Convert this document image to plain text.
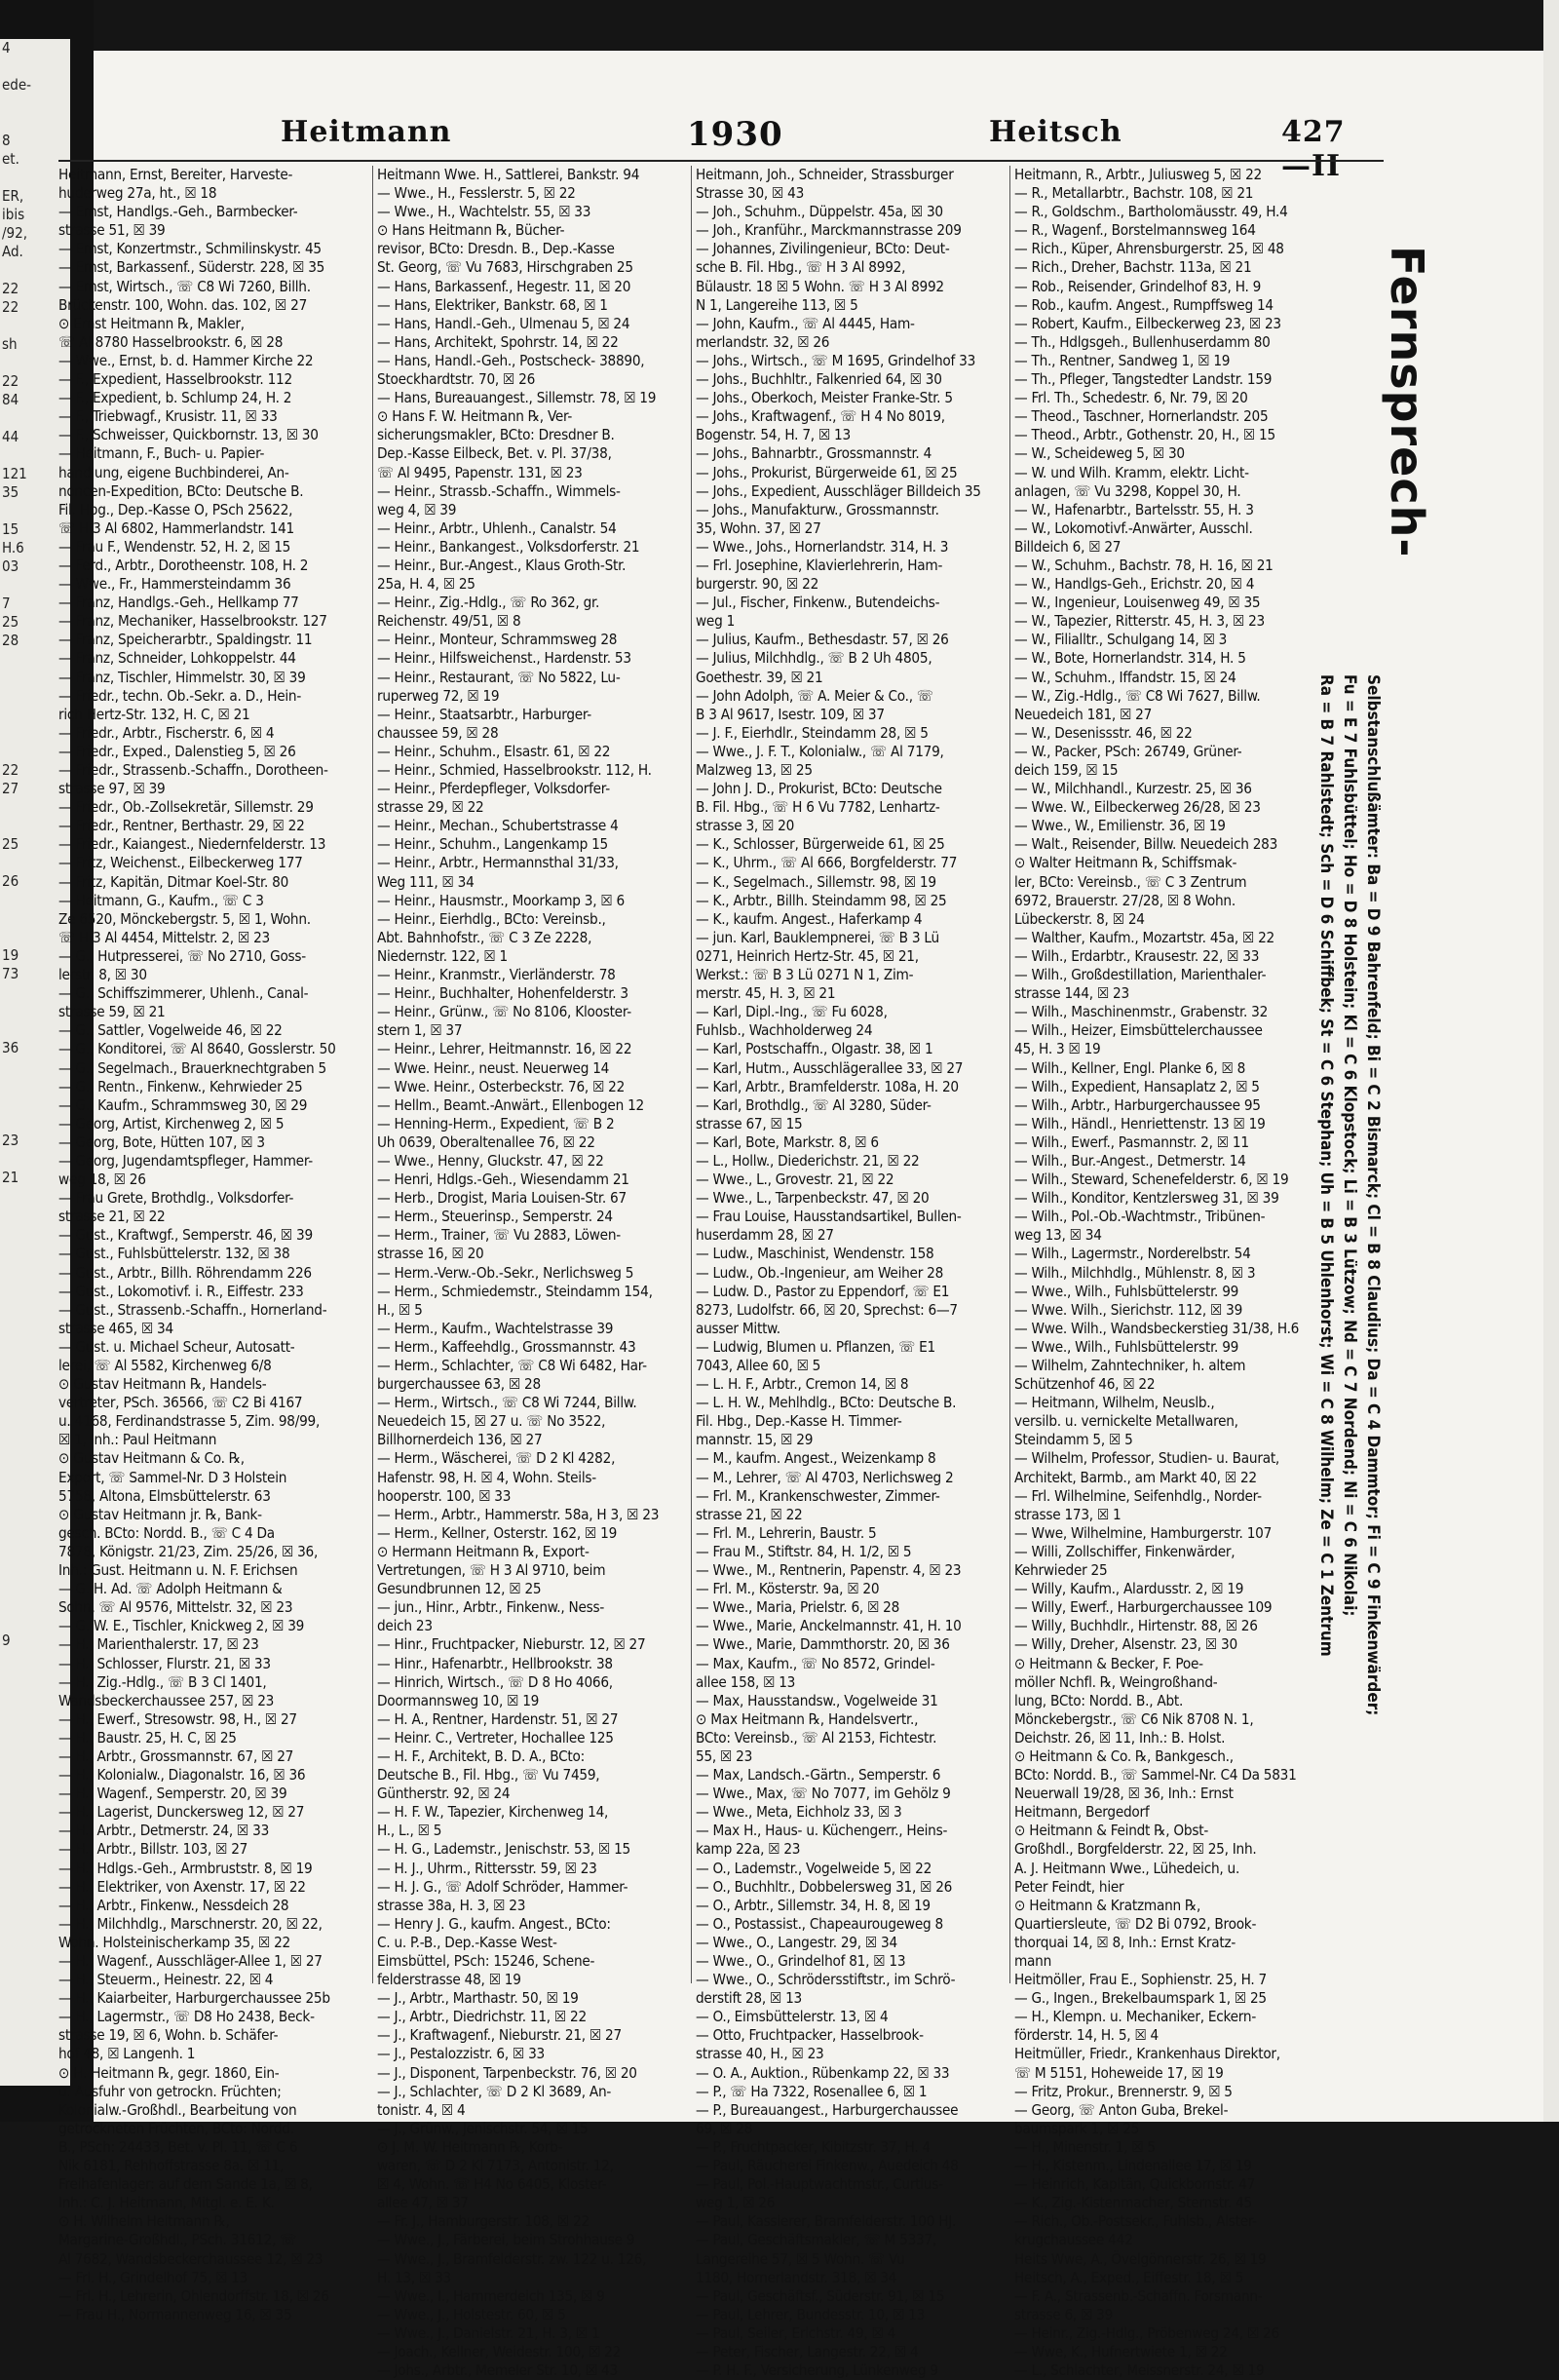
4

ede-

8
et.

ER,
ibis
/92,
Ad.

22
22

sh

22
84

44

121
35

15
H.6
03

7
25
28

22
27

25

26

19
73

36

23

21

9

Heitmann	1930	Heitsch	427—II
Heitmann, Ernst, Bereiter, Harveste-
huderweg 27a, ht., ☒ 18
— Ernst, Handlgs.-Geh., Barmbecker-
strasse 51, ☒ 39
— Ernst, Konzertmstr., Schmilinskystr. 45
— Ernst, Barkassenf., Süderstr. 228, ☒ 35
— Ernst, Wirtsch., ☏ C8 Wi 7260, Billh.
Brückenstr. 100, Wohn. das. 102, ☒ 27
⊙ Ernst Heitmann ℞, Makler,
☏ Al 8780 Hasselbrookstr. 6, ☒ 28
— Wwe., Ernst, b. d. Hammer Kirche 22
— F., Expedient, Hasselbrookstr. 112
— F., Expedient, b. Schlump 24, H. 2
— F., Triebwagf., Krusistr. 11, ☒ 33
— F., Schweisser, Quickbornstr. 13, ☒ 30
— Heitmann, F., Buch- u. Papier-
handlung, eigene Buchbinderei, An-
noncen-Expedition, BCto: Deutsche B.
Fil. Hbg., Dep.-Kasse O, PSch 25622,
☏ H 3 Al 6802, Hammerlandstr. 141
— Frau F., Wendenstr. 52, H. 2, ☒ 15
— Ferd., Arbtr., Dorotheenstr. 108, H. 2
— Wwe., Fr., Hammersteindamm 36
— Franz, Handlgs.-Geh., Hellkamp 77
— Franz, Mechaniker, Hasselbrookstr. 127
— Franz, Speicherarbtr., Spaldingstr. 11
— Franz, Schneider, Lohkoppelstr. 44
— Franz, Tischler, Himmelstr. 30, ☒ 39
— Friedr., techn. Ob.-Sekr. a. D., Hein-
rich Hertz-Str. 132, H. C, ☒ 21
— Friedr., Arbtr., Fischerstr. 6, ☒ 4
— Friedr., Exped., Dalenstieg 5, ☒ 26
— Friedr., Strassenb.-Schaffn., Dorotheen-
strasse 97, ☒ 39
— Friedr., Ob.-Zollsekretär, Sillemstr. 29
— Friedr., Rentner, Berthastr. 29, ☒ 22
— Friedr., Kaiangest., Niedernfelderstr. 13
— Fritz, Weichenst., Eilbeckerweg 177
— Fritz, Kapitän, Ditmar Koel-Str. 80
— Heitmann, G., Kaufm., ☏ C 3
Ze 6520, Mönckebergstr. 5, ☒ 1, Wohn.
☏ H 3 Al 4454, Mittelstr. 2, ☒ 23
— G., Hutpresserei, ☏ No 2710, Goss-
lerstr. 8, ☒ 30
— G., Schiffszimmerer, Uhlenh., Canal-
strasse 59, ☒ 21
— G., Sattler, Vogelweide 46, ☒ 22
— G., Konditorei, ☏ Al 8640, Gosslerstr. 50
— G., Segelmach., Brauerknechtgraben 5
— G., Rentn., Finkenw., Kehrwieder 25
— G., Kaufm., Schrammsweg 30, ☒ 29
— Georg, Artist, Kirchenweg 2, ☒ 5
— Georg, Bote, Hütten 107, ☒ 3
— Georg, Jugendamtspfleger, Hammer-
weg 18, ☒ 26
— Frau Grete, Brothdlg., Volksdorfer-
strasse 21, ☒ 22
— Gust., Kraftwgf., Semperstr. 46, ☒ 39
— Gust., Fuhlsbüttelerstr. 132, ☒ 38
— Gust., Arbtr., Billh. Röhrendamm 226
— Gust., Lokomotivf. i. R., Eiffestr. 233
— Gust., Strassenb.-Schaffn., Hornerland-
strasse 465, ☒ 34
— Gust. u. Michael Scheur, Autosatt-
lerei, ☏ Al 5582, Kirchenweg 6/8
⊙ Gustav Heitmann ℞, Handels-
vertreter, PSch. 36566, ☏ C2 Bi 4167
u. 4168, Ferdinandstrasse 5, Zim. 98/99,
☒ 1, Inh.: Paul Heitmann
⊙ Gustav Heitmann & Co. ℞,
Export, ☏ Sammel-Nr. D 3 Holstein
5758, Altona, Elmsbüttelerstr. 63
⊙ Gustav Heitmann jr. ℞, Bank-
gesch. BCto: Nordd. B., ☏ C 4 Da
7878, Königstr. 21/23, Zim. 25/26, ☒ 36,
Inh.: Gust. Heitmann u. N. F. Erichsen
— G. H. Ad. ☏ Adolph Heitmann &
Sohn, ☏ Al 9576, Mittelstr. 32, ☒ 23
— G. W. E., Tischler, Knickweg 2, ☒ 39
— H., Marienthalerstr. 17, ☒ 23
— H., Schlosser, Flurstr. 21, ☒ 33
— H., Zig.-Hdlg., ☏ B 3 Cl 1401,
Wandsbeckerchaussee 257, ☒ 23
— H., Ewerf., Stresowstr. 98, H., ☒ 27
— H., Baustr. 25, H. C, ☒ 25
— H., Arbtr., Grossmannstr. 67, ☒ 27
— H., Kolonialw., Diagonalstr. 16, ☒ 36
— H., Wagenf., Semperstr. 20, ☒ 39
— H., Lagerist, Dunckersweg 12, ☒ 27
— H., Arbtr., Detmerstr. 24, ☒ 33
— H., Arbtr., Billstr. 103, ☒ 27
— H., Hdlgs.-Geh., Armbruststr. 8, ☒ 19
— H., Elektriker, von Axenstr. 17, ☒ 22
— H., Arbtr., Finkenw., Nessdeich 28
— H., Milchhdlg., Marschnerstr. 20, ☒ 22,
Wohn. Holsteinischerkamp 35, ☒ 22
— H., Wagenf., Ausschläger-Allee 1, ☒ 27
— H., Steuerm., Heinestr. 22, ☒ 4
— H., Kaiarbeiter, Harburgerchaussee 25b
— H., Lagermstr., ☏ D8 Ho 2438, Beck-
strasse 19, ☒ 6, Wohn. b. Schäfer-
hof 48, ☒ Langenh. 1
⊙ H. Heitmann ℞, gegr. 1860, Ein-
u. Ausfuhr von getrockn. Früchten;
Kolonialw.-Großhdl., Bearbeitung von
getrockneten Früchten, BCto: Nordd.
B., PSch: 24433, Bet. v. Pl. 11, ☏ C 6
Nik 6181, Rehhoffstrasse 8a. ☒ 11,
Freihafenlager: auf dem Sande 1a, ☒ 8,
Inh.: C. J. Heitmann, Mitgl. e. E. K.
⊙ H. Wilhelm Heitmann ℞,
Margarine-Großhdl., PSch. 31612, ☏
Al 7682, Wandsbeckerchaussee 12, ☒ 23
— Frl. H., Grindelhof 75, ☒ 13
— Frl. H., Lehrerin, Ohlendorffstr. 18, ☒ 26
— Frau H., Normannenweg 16, ☒ 35
Heitmann Wwe. H., Sattlerei, Bankstr. 94
— Wwe., H., Fesslerstr. 5, ☒ 22
— Wwe., H., Wachtelstr. 55, ☒ 33
⊙ Hans Heitmann ℞, Bücher-
revisor, BCto: Dresdn. B., Dep.-Kasse
St. Georg, ☏ Vu 7683, Hirschgraben 25
— Hans, Barkassenf., Hegestr. 11, ☒ 20
— Hans, Elektriker, Bankstr. 68, ☒ 1
— Hans, Handl.-Geh., Ulmenau 5, ☒ 24
— Hans, Architekt, Spohrstr. 14, ☒ 22
— Hans, Handl.-Geh., Postscheck- 38890,
Stoeckhardtstr. 70, ☒ 26
— Hans, Bureauangest., Sillemstr. 78, ☒ 19
⊙ Hans F. W. Heitmann ℞, Ver-
sicherungsmakler, BCto: Dresdner B.
Dep.-Kasse Eilbeck, Bet. v. Pl. 37/38,
☏ Al 9495, Papenstr. 131, ☒ 23
— Heinr., Strassb.-Schaffn., Wimmels-
weg 4, ☒ 39
— Heinr., Arbtr., Uhlenh., Canalstr. 54
— Heinr., Bankangest., Volksdorferstr. 21
— Heinr., Bur.-Angest., Klaus Groth-Str.
25a, H. 4, ☒ 25
— Heinr., Zig.-Hdlg., ☏ Ro 362, gr.
Reichenstr. 49/51, ☒ 8
— Heinr., Monteur, Schrammsweg 28
— Heinr., Hilfsweichenst., Hardenstr. 53
— Heinr., Restaurant, ☏ No 5822, Lu-
ruperweg 72, ☒ 19
— Heinr., Staatsarbtr., Harburger-
chaussee 59, ☒ 28
— Heinr., Schuhm., Elsastr. 61, ☒ 22
— Heinr., Schmied, Hasselbrookstr. 112, H.
— Heinr., Pferdepfleger, Volksdorfer-
strasse 29, ☒ 22
— Heinr., Mechan., Schubertstrasse 4
— Heinr., Schuhm., Langenkamp 15
— Heinr., Arbtr., Hermannsthal 31/33,
Weg 111, ☒ 34
— Heinr., Hausmstr., Moorkamp 3, ☒ 6
— Heinr., Eierhdlg., BCto: Vereinsb.,
Abt. Bahnhofstr., ☏ C 3 Ze 2228,
Niedernstr. 122, ☒ 1
— Heinr., Kranmstr., Vierländerstr. 78
— Heinr., Buchhalter, Hohenfelderstr. 3
— Heinr., Grünw., ☏ No 8106, Klooster-
stern 1, ☒ 37
— Heinr., Lehrer, Heitmannstr. 16, ☒ 22
— Wwe. Heinr., neust. Neuerweg 14
— Wwe. Heinr., Osterbeckstr. 76, ☒ 22
— Hellm., Beamt.-Anwärt., Ellenbogen 12
— Henning-Herm., Expedient, ☏ B 2
Uh 0639, Oberaltenallee 76, ☒ 22
— Wwe., Henny, Gluckstr. 47, ☒ 22
— Henri, Hdlgs.-Geh., Wiesendamm 21
— Herb., Drogist, Maria Louisen-Str. 67
— Herm., Steuerinsp., Semperstr. 24
— Herm., Trainer, ☏ Vu 2883, Löwen-
strasse 16, ☒ 20
— Herm.-Verw.-Ob.-Sekr., Nerlichsweg 5
— Herm., Schmiedemstr., Steindamm 154,
H., ☒ 5
— Herm., Kaufm., Wachtelstrasse 39
— Herm., Kaffeehdlg., Grossmannstr. 43
— Herm., Schlachter, ☏ C8 Wi 6482, Har-
burgerchaussee 63, ☒ 28
— Herm., Wirtsch., ☏ C8 Wi 7244, Billw.
Neuedeich 15, ☒ 27 u. ☏ No 3522,
Billhornerdeich 136, ☒ 27
— Herm., Wäscherei, ☏ D 2 Kl 4282,
Hafenstr. 98, H. ☒ 4, Wohn. Steils-
hooperstr. 100, ☒ 33
— Herm., Arbtr., Hammerstr. 58a, H 3, ☒ 23
— Herm., Kellner, Osterstr. 162, ☒ 19
⊙ Hermann Heitmann ℞, Export-
Vertretungen, ☏ H 3 Al 9710, beim
Gesundbrunnen 12, ☒ 25
— jun., Hinr., Arbtr., Finkenw., Ness-
deich 23
— Hinr., Fruchtpacker, Nieburstr. 12, ☒ 27
— Hinr., Hafenarbtr., Hellbrookstr. 38
— Hinrich, Wirtsch., ☏ D 8 Ho 4066,
Doormannsweg 10, ☒ 19
— H. A., Rentner, Hardenstr. 51, ☒ 27
— Heinr. C., Vertreter, Hochallee 125
— H. F., Architekt, B. D. A., BCto:
Deutsche B., Fil. Hbg., ☏ Vu 7459,
Güntherstr. 92, ☒ 24
— H. F. W., Tapezier, Kirchenweg 14,
H., L., ☒ 5
— H. G., Lademstr., Jenischstr. 53, ☒ 15
— H. J., Uhrm., Rittersstr. 59, ☒ 23
— H. J. G., ☏ Adolf Schröder, Hammer-
strasse 38a, H. 3, ☒ 23
— Henry J. G., kaufm. Angest., BCto:
C. u. P.-B., Dep.-Kasse West-
Eimsbüttel, PSch: 15246, Schene-
felderstrasse 48, ☒ 19
— J., Arbtr., Marthastr. 50, ☒ 19
— J., Arbtr., Diedrichstr. 11, ☒ 22
— J., Kraftwagenf., Nieburstr. 21, ☒ 27
— J., Pestalozzistr. 6, ☒ 33
— J., Disponent, Tarpenbeckstr. 76, ☒ 20
— J., Schlachter, ☏ D 2 Kl 3689, An-
tonistr. 4, ☒ 4
— J., Grünw., Jenischstr. 54, ☒ 15
⊙ J. M. W. Heitmann ℞, Korb-
waren, ☏ D 2 Kl 7173, Antonistr. 12,
☒ 4, Wohn. ☏ H4 No 6405, Kloster-
allee 47, ☒ 37
— Fr. J., Hamburgerstr. 108, ☒ 22
— Wwe., J., Färberei, beim Strohhause 9
— Wwe., J., Bramfelderstr. zw. 122 u. 126,
H. 13, ☒ 33
— Wwe., I., Hammerdeich 135, ☒ 9
— Wwe., J., Holstestr. 60, ☒ 5
— Wwe., J., Danielstr. 21, H. 3, ☒ 1
— Joach., Kellner, Weidestr. 100, ☒ 22
— Johs., Arbtr., Memeler Str. 10, ☒ 43
Heitmann, Joh., Schneider, Strassburger
Strasse 30, ☒ 43
— Joh., Schuhm., Düppelstr. 45a, ☒ 30
— Joh., Kranführ., Marckmannstrasse 209
— Johannes, Zivilingenieur, BCto: Deut-
sche B. Fil. Hbg., ☏ H 3 Al 8992,
Bülaustr. 18 ☒ 5 Wohn. ☏ H 3 Al 8992
N 1, Langereihe 113, ☒ 5
— John, Kaufm., ☏ Al 4445, Ham-
merlandstr. 32, ☒ 26
— Johs., Wirtsch., ☏ M 1695, Grindelhof 33
— Johs., Buchhltr., Falkenried 64, ☒ 30
— Johs., Oberkoch, Meister Franke-Str. 5
— Johs., Kraftwagenf., ☏ H 4 No 8019,
Bogenstr. 54, H. 7, ☒ 13
— Johs., Bahnarbtr., Grossmannstr. 4
— Johs., Prokurist, Bürgerweide 61, ☒ 25
— Johs., Expedient, Ausschläger Billdeich 35
— Johs., Manufakturw., Grossmannstr.
35, Wohn. 37, ☒ 27
— Wwe., Johs., Hornerlandstr. 314, H. 3
— Frl. Josephine, Klavierlehrerin, Ham-
burgerstr. 90, ☒ 22
— Jul., Fischer, Finkenw., Butendeichs-
weg 1
— Julius, Kaufm., Bethesdastr. 57, ☒ 26
— Julius, Milchhdlg., ☏ B 2 Uh 4805,
Goethestr. 39, ☒ 21
— John Adolph, ☏ A. Meier & Co., ☏
B 3 Al 9617, Isestr. 109, ☒ 37
— J. F., Eierhdlr., Steindamm 28, ☒ 5
— Wwe., J. F. T., Kolonialw., ☏ Al 7179,
Malzweg 13, ☒ 25
— John J. D., Prokurist, BCto: Deutsche
B. Fil. Hbg., ☏ H 6 Vu 7782, Lenhartz-
strasse 3, ☒ 20
— K., Schlosser, Bürgerweide 61, ☒ 25
— K., Uhrm., ☏ Al 666, Borgfelderstr. 77
— K., Segelmach., Sillemstr. 98, ☒ 19
— K., Arbtr., Billh. Steindamm 98, ☒ 25
— K., kaufm. Angest., Haferkamp 4
— jun. Karl, Bauklempnerei, ☏ B 3 Lü
0271, Heinrich Hertz-Str. 45, ☒ 21,
Werkst.: ☏ B 3 Lü 0271 N 1, Zim-
merstr. 45, H. 3, ☒ 21
— Karl, Dipl.-Ing., ☏ Fu 6028,
Fuhlsb., Wachholderweg 24
— Karl, Postschaffn., Olgastr. 38, ☒ 1
— Karl, Hutm., Ausschlägerallee 33, ☒ 27
— Karl, Arbtr., Bramfelderstr. 108a, H. 20
— Karl, Brothdlg., ☏ Al 3280, Süder-
strasse 67, ☒ 15
— Karl, Bote, Markstr. 8, ☒ 6
— L., Hollw., Diederichstr. 21, ☒ 22
— Wwe., L., Grovestr. 21, ☒ 22
— Wwe., L., Tarpenbeckstr. 47, ☒ 20
— Frau Louise, Hausstandsartikel, Bullen-
huserdamm 28, ☒ 27
— Ludw., Maschinist, Wendenstr. 158
— Ludw., Ob.-Ingenieur, am Weiher 28
— Ludw. D., Pastor zu Eppendorf, ☏ E1
8273, Ludolfstr. 66, ☒ 20, Sprechst: 6—7
ausser Mittw.
— Ludwig, Blumen u. Pflanzen, ☏ E1
7043, Allee 60, ☒ 5
— L. H. F., Arbtr., Cremon 14, ☒ 8
— L. H. W., Mehlhdlg., BCto: Deutsche B.
Fil. Hbg., Dep.-Kasse H. Timmer-
mannstr. 15, ☒ 29
— M., kaufm. Angest., Weizenkamp 8
— M., Lehrer, ☏ Al 4703, Nerlichsweg 2
— Frl. M., Krankenschwester, Zimmer-
strasse 21, ☒ 22
— Frl. M., Lehrerin, Baustr. 5
— Frau M., Stiftstr. 84, H. 1/2, ☒ 5
— Wwe., M., Rentnerin, Papenstr. 4, ☒ 23
— Frl. M., Kösterstr. 9a, ☒ 20
— Wwe., Maria, Prielstr. 6, ☒ 28
— Wwe., Marie, Anckelmannstr. 41, H. 10
— Wwe., Marie, Dammthorstr. 20, ☒ 36
— Max, Kaufm., ☏ No 8572, Grindel-
allee 158, ☒ 13
— Max, Hausstandsw., Vogelweide 31
⊙ Max Heitmann ℞, Handelsvertr.,
BCto: Vereinsb., ☏ Al 2153, Fichtestr.
55, ☒ 23
— Max, Landsch.-Gärtn., Semperstr. 6
— Wwe., Max, ☏ No 7077, im Gehölz 9
— Wwe., Meta, Eichholz 33, ☒ 3
— Max H., Haus- u. Küchengerr., Heins-
kamp 22a, ☒ 23
— O., Lademstr., Vogelweide 5, ☒ 22
— O., Buchhltr., Dobbelersweg 31, ☒ 26
— O., Arbtr., Sillemstr. 34, H. 8, ☒ 19
— O., Postassist., Chapeaurougeweg 8
— Wwe., O., Langestr. 29, ☒ 34
— Wwe., O., Grindelhof 81, ☒ 13
— Wwe., O., Schrödersstiftstr., im Schrö-
derstift 28, ☒ 13
— O., Eimsbüttelerstr. 13, ☒ 4
— Otto, Fruchtpacker, Hasselbrook-
strasse 40, H., ☒ 23
— O. A., Auktion., Rübenkamp 22, ☒ 33
— P., ☏ Ha 7322, Rosenallee 6, ☒ 1
— P., Bureauangest., Harburgerchaussee
69, ☒ 28
— P., Fruchtpacker, Kibitzstr. 37, H. 4
— Paul, Räucherei Finkenw., Auedeich 48
— Paul, Pol.-Hauptwachtmstr., Curtius-
weg 1, ☒ 26
— Paul, Kassierer, Bramfelderstr. 100 HJ.
— Paul, Geschäftsmakler, ☏ M 5337,
Langereihe 57, ☒ 5 Wohn. ☏ Vu
1180, Hornerlandstr. 318, ☒ 34
— Paul, Geschäftsf., Süderstr. 91, ☒ 15
— Paul, Lehrer, Bundesstr. 10, ☒ 13
— Paul, Seiler, Erichstr. 49, ☒ 4
— Peter, Fischer, Langestr. 22, ☒ 4
— P. H. F., Versicherung, Lünkenweg 9
Heitmann, R., Arbtr., Juliusweg 5, ☒ 22
— R., Metallarbtr., Bachstr. 108, ☒ 21
— R., Goldschm., Bartholomäusstr. 49, H.4
— R., Wagenf., Borstelmannsweg 164
— Rich., Küper, Ahrensburgerstr. 25, ☒ 48
— Rich., Dreher, Bachstr. 113a, ☒ 21
— Rob., Reisender, Grindelhof 83, H. 9
— Rob., kaufm. Angest., Rumpffsweg 14
— Robert, Kaufm., Eilbeckerweg 23, ☒ 23
— Th., Hdlgsgeh., Bullenhuserdamm 80
— Th., Rentner, Sandweg 1, ☒ 19
— Th., Pfleger, Tangstedter Landstr. 159
— Frl. Th., Schedestr. 6, Nr. 79, ☒ 20
— Theod., Taschner, Hornerlandstr. 205
— Theod., Arbtr., Gothenstr. 20, H., ☒ 15
— W., Scheideweg 5, ☒ 30
— W. und Wilh. Kramm, elektr. Licht-
anlagen, ☏ Vu 3298, Koppel 30, H.
— W., Hafenarbtr., Bartelsstr. 55, H. 3
— W., Lokomotivf.-Anwärter, Ausschl.
Billdeich 6, ☒ 27
— W., Schuhm., Bachstr. 78, H. 16, ☒ 21
— W., Handlgs-Geh., Erichstr. 20, ☒ 4
— W., Ingenieur, Louisenweg 49, ☒ 35
— W., Tapezier, Ritterstr. 45, H. 3, ☒ 23
— W., Filialltr., Schulgang 14, ☒ 3
— W., Bote, Hornerlandstr. 314, H. 5
— W., Schuhm., Iffandstr. 15, ☒ 24
— W., Zig.-Hdlg., ☏ C8 Wi 7627, Billw.
Neuedeich 181, ☒ 27
— W., Desenissstr. 46, ☒ 22
— W., Packer, PSch: 26749, Grüner-
deich 159, ☒ 15
— W., Milchhandl., Kurzestr. 25, ☒ 36
— Wwe. W., Eilbeckerweg 26/28, ☒ 23
— Wwe., W., Emilienstr. 36, ☒ 19
— Walt., Reisender, Billw. Neuedeich 283
⊙ Walter Heitmann ℞, Schiffsmak-
ler, BCto: Vereinsb., ☏ C 3 Zentrum
6972, Brauerstr. 27/28, ☒ 8 Wohn.
Lübeckerstr. 8, ☒ 24
— Walther, Kaufm., Mozartstr. 45a, ☒ 22
— Wilh., Erdarbtr., Krausestr. 22, ☒ 33
— Wilh., Großdestillation, Marienthaler-
strasse 144, ☒ 23
— Wilh., Maschinenmstr., Grabenstr. 32
— Wilh., Heizer, Eimsbüttelerchaussee
45, H. 3 ☒ 19
— Wilh., Kellner, Engl. Planke 6, ☒ 8
— Wilh., Expedient, Hansaplatz 2, ☒ 5
— Wilh., Arbtr., Harburgerchaussee 95
— Wilh., Händl., Henriettenstr. 13 ☒ 19
— Wilh., Ewerf., Pasmannstr. 2, ☒ 11
— Wilh., Bur.-Angest., Detmerstr. 14
— Wilh., Steward, Schenefelderstr. 6, ☒ 19
— Wilh., Konditor, Kentzlersweg 31, ☒ 39
— Wilh., Pol.-Ob.-Wachtmstr., Tribünen-
weg 13, ☒ 34
— Wilh., Lagermstr., Norderelbstr. 54
— Wilh., Milchhdlg., Mühlenstr. 8, ☒ 3
— Wwe., Wilh., Fuhlsbüttelerstr. 99
— Wwe. Wilh., Sierichstr. 112, ☒ 39
— Wwe. Wilh., Wandsbeckerstieg 31/38, H.6
— Wwe., Wilh., Fuhlsbüttelerstr. 99
— Wilhelm, Zahntechniker, h. altem
Schützenhof 46, ☒ 22
— Heitmann, Wilhelm, Neuslb.,
versilb. u. vernickelte Metallwaren,
Steindamm 5, ☒ 5
— Wilhelm, Professor, Studien- u. Baurat,
Architekt, Barmb., am Markt 40, ☒ 22
— Frl. Wilhelmine, Seifenhdlg., Norder-
strasse 173, ☒ 1
— Wwe, Wilhelmine, Hamburgerstr. 107
— Willi, Zollschiffer, Finkenwärder,
Kehrwieder 25
— Willy, Kaufm., Alardusstr. 2, ☒ 19
— Willy, Ewerf., Harburgerchaussee 109
— Willy, Buchhdlr., Hirtenstr. 88, ☒ 26
— Willy, Dreher, Alsenstr. 23, ☒ 30
⊙ Heitmann & Becker, F. Poe-
möller Nchfl. ℞, Weingroßhand-
lung, BCto: Nordd. B., Abt.
Mönckebergstr., ☏ C6 Nik 8708 N. 1,
Deichstr. 26, ☒ 11, Inh.: B. Holst.
⊙ Heitmann & Co. ℞, Bankgesch.,
BCto: Nordd. B., ☏ Sammel-Nr. C4 Da 5831
Neuerwall 19/28, ☒ 36, Inh.: Ernst
Heitmann, Bergedorf
⊙ Heitmann & Feindt ℞, Obst-
Großhdl., Borgfelderstr. 22, ☒ 25, Inh.
A. J. Heitmann Wwe., Lühedeich, u.
Peter Feindt, hier
⊙ Heitmann & Kratzmann ℞,
Quartiersleute, ☏ D2 Bi 0792, Brook-
thorquai 14, ☒ 8, Inh.: Ernst Kratz-
mann
Heitmöller, Frau E., Sophienstr. 25, H. 7
— G., Ingen., Brekelbaumspark 1, ☒ 25
— H., Klempn. u. Mechaniker, Eckern-
förderstr. 14, H. 5, ☒ 4
Heitmüller, Friedr., Krankenhaus Direktor,
☏ M 5151, Hoheweide 17, ☒ 19
— Fritz, Prokur., Brennerstr. 9, ☒ 5
— Georg, ☏ Anton Guba, Brekel-
baumspark 1, ☒ 25
— H., Minenstr. 1, ☒ 5
— H., Kistenm., Lindenallee 17, ☒ 19
— Heinrich, Kapitän, Quickbornstr. 47
— K., Zig.-Kistenmacher, Sternstr. 45
— Rich., Ob.-Postsekr., Fuhlsb., Alster-
krugchaussee 442
Heits Wwe, A., Övelgönnerstr. 26, ☒ 19
Heitsch, A., Exped., Eiffestr. 18, ☒ 5
— F. A., Strassenb.-Schaffn. Forsmann-
strasse 6, ☒ 39
— Heinr., Zig.-Hdlg., Pröbenweg 24, ☒ 26
— Wwe, K., Hufnertwiete 1, ☒ 22
— L., Schlachter, Meissnerstr. 24, ☒ 19
Fernsprech-
Selbstanschlußämter: Ba = D 9 Bahrenfeld; Bi = C 2 Bismarck; Cl = B 8 Claudius; Da = C 4 Dammtor; Fi = C 9 Finkenwärder;
Fu = E 7 Fuhlsbüttel; Ho = D 8 Holstein; Kl = C 6 Klopstock; Li = B 3 Lützow; Nd = C 7 Nordend; Ni = C 6 Nikolai;
Ra = B 7 Rahlstedt; Sch = D 6 Schiffbek; St = C 6 Stephan; Uh = B 5 Uhlenhorst; Wi = C 8 Wilhelm; Ze = C 1 Zentrum
